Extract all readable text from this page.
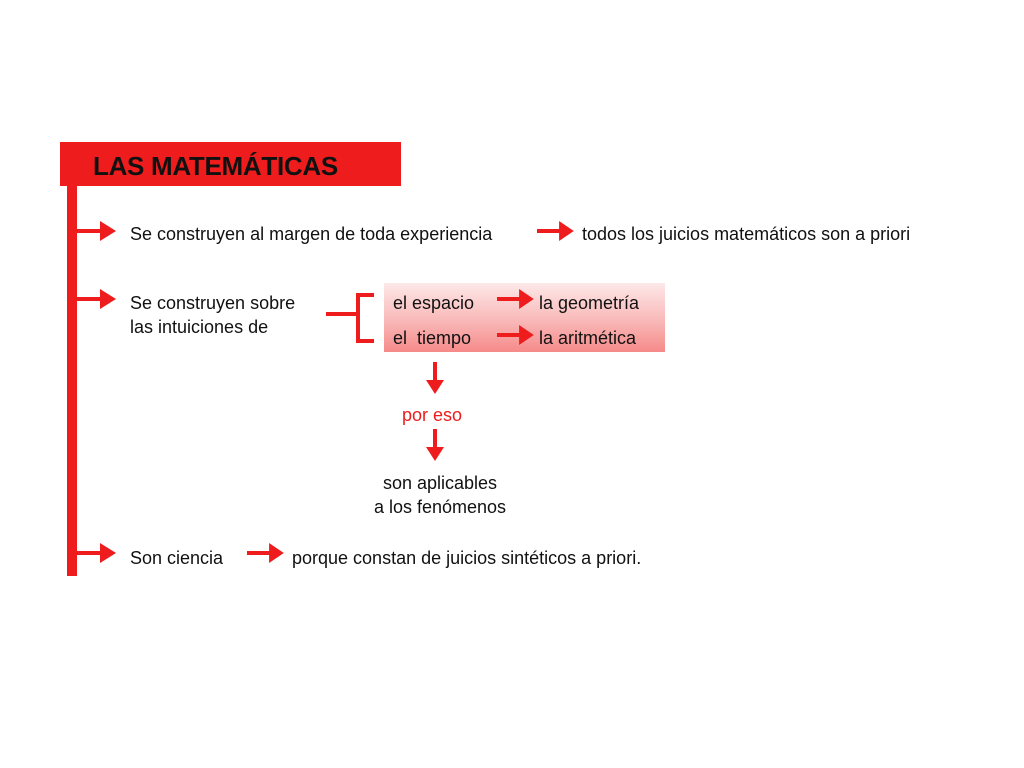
LAS MATEMÁTICAS
Se construyen al margen de toda experiencia	todos los juicios matemáticos son a priori
Se construyen sobre
las intuiciones de
el espacio	la geometría
el  tiempo	la aritmética
por eso
son aplicables
a los fenómenos
Son ciencia	porque constan de juicios sintéticos a priori.
